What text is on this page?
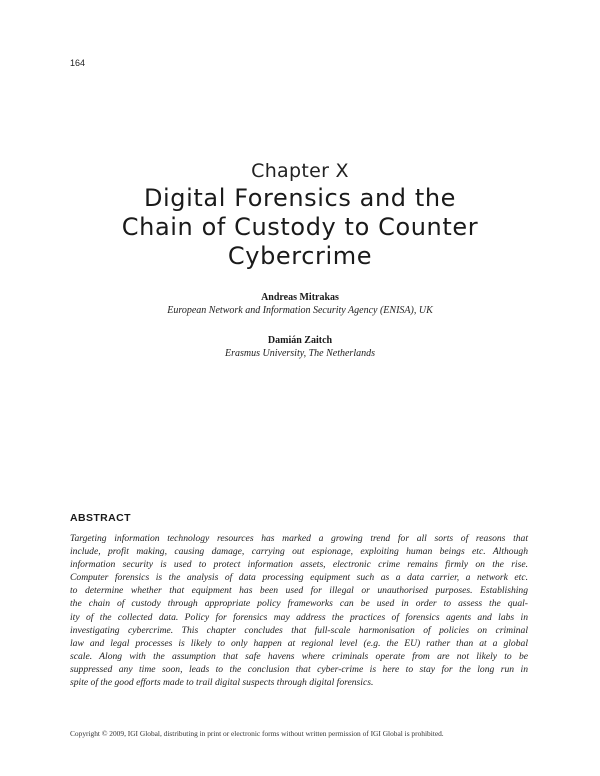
164
Chapter X
Digital Forensics and the
Chain of Custody to Counter
Cybercrime
Andreas Mitrakas
European Network and Information Security Agency (ENISA), UK
Damián Zaitch
Erasmus University, The Netherlands
ABSTRACT
Targeting information technology resources has marked a growing trend for all sorts of reasons that
include, profit making, causing damage, carrying out espionage, exploiting human beings etc. Although
information security is used to protect information assets, electronic crime remains firmly on the rise.
Computer forensics is the analysis of data processing equipment such as a data carrier, a network etc.
to determine whether that equipment has been used for illegal or unauthorised purposes. Establishing
the chain of custody through appropriate policy frameworks can be used in order to assess the qual-
ity of the collected data. Policy for forensics may address the practices of forensics agents and labs in
investigating cybercrime. This chapter concludes that full-scale harmonisation of policies on criminal
law and legal processes is likely to only happen at regional level (e.g. the EU) rather than at a global
scale. Along with the assumption that safe havens where criminals operate from are not likely to be
suppressed any time soon, leads to the conclusion that cyber-crime is here to stay for the long run in
spite of the good efforts made to trail digital suspects through digital forensics.
Copyright © 2009, IGI Global, distributing in print or electronic forms without written permission of IGI Global is prohibited.
